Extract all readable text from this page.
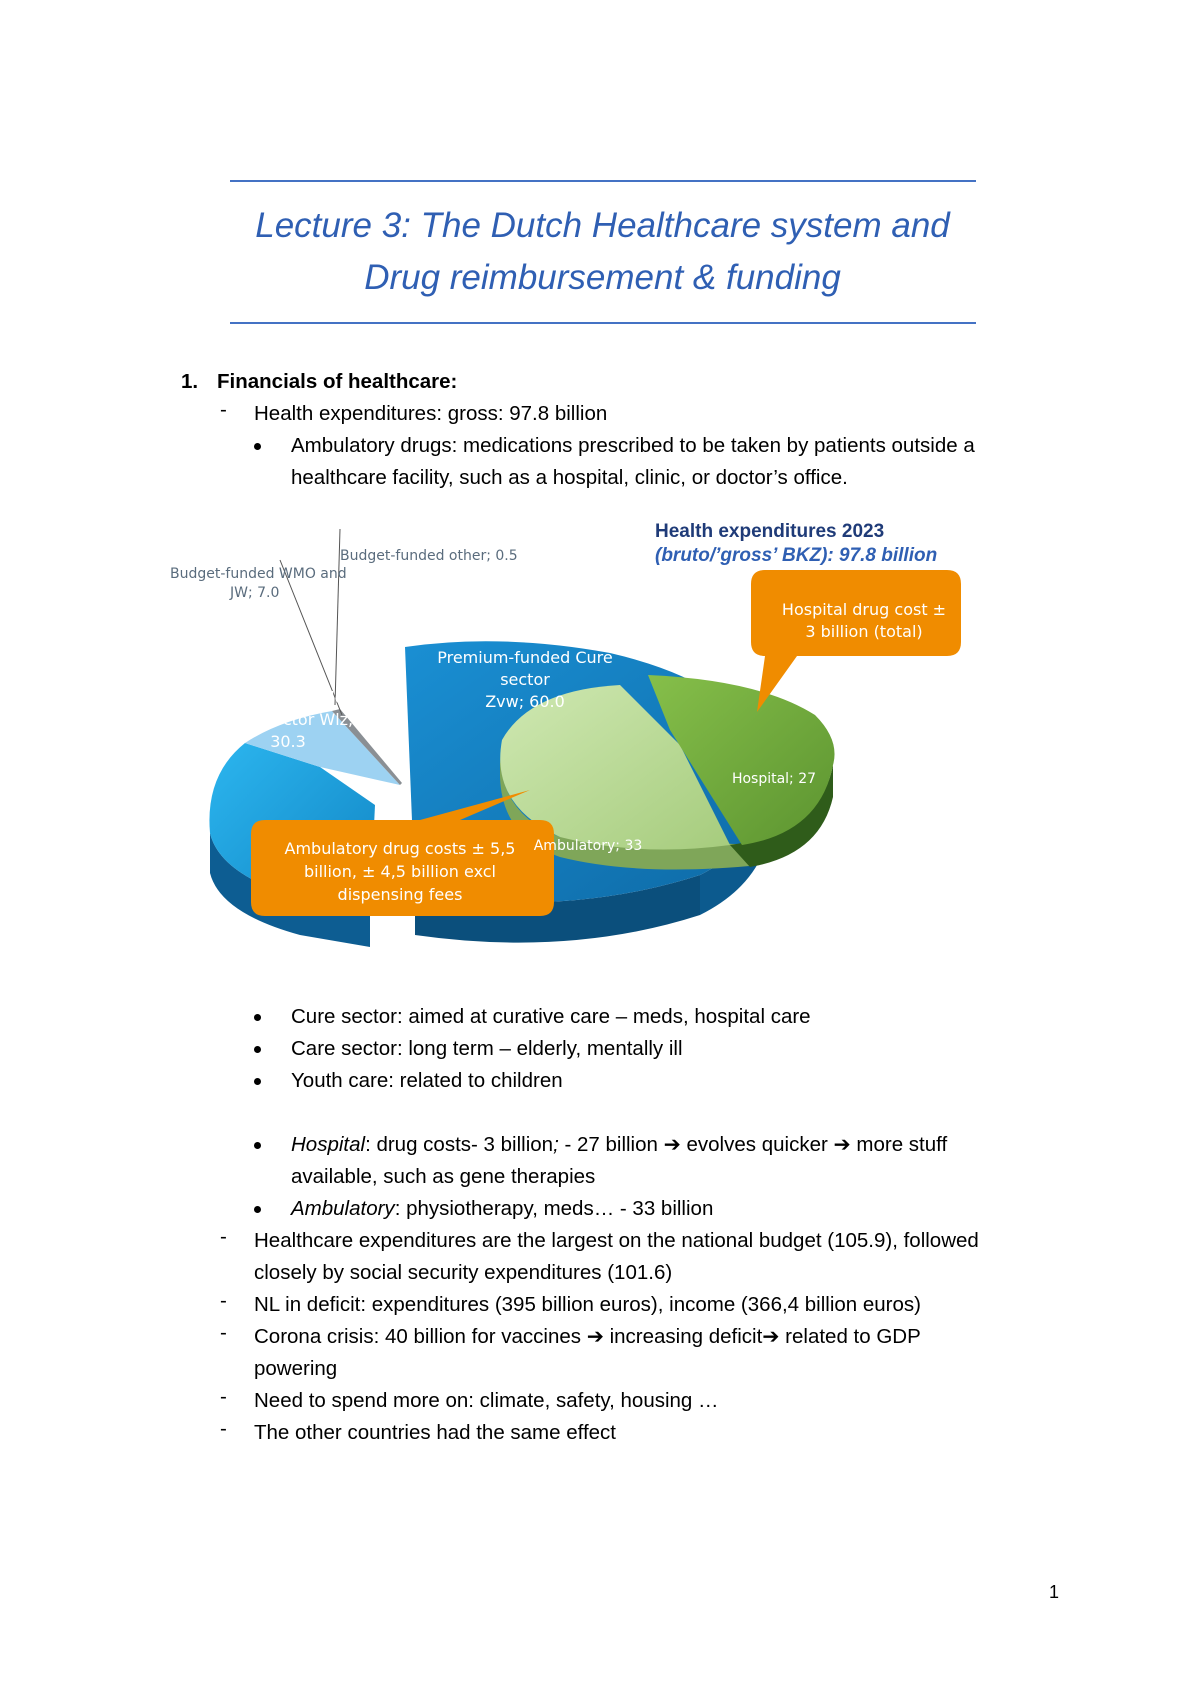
Lecture 3: The Dutch Healthcare system and
Drug reimbursement & funding
1. Financials of healthcare:
- Health expenditures: gross: 97.8 billion
Ambulatory drugs: medications prescribed to be taken by patients outside a
healthcare facility, such as a hospital, clinic, or doctor’s office.
Health expenditures 2023
(bruto/’gross’ BKZ): 97.8 billion
Budget-funded other; 0.5
Budget-funded WMO and
JW; 7.0
Premium-funded Cure
sector
Zvw; 60.0
Premium-funded
Care sector Wlz;
30.3
Hospital; 27
Ambulatory; 33
Hospital drug cost ±
3 billion (total)
Ambulatory drug costs ± 5,5
billion, ± 4,5 billion excl
dispensing fees
Cure sector: aimed at curative care – meds, hospital care
Care sector: long term – elderly, mentally ill
Youth care: related to children
Hospital: drug costs- 3 billion; - 27 billion ➔ evolves quicker ➔ more stuff
available, such as gene therapies
Ambulatory: physiotherapy, meds… - 33 billion
- Healthcare expenditures are the largest on the national budget (105.9), followed
closely by social security expenditures (101.6)
- NL in deficit: expenditures (395 billion euros), income (366,4 billion euros)
- Corona crisis: 40 billion for vaccines ➔ increasing deficit➔ related to GDP
powering
- Need to spend more on: climate, safety, housing …
- The other countries had the same effect
1
